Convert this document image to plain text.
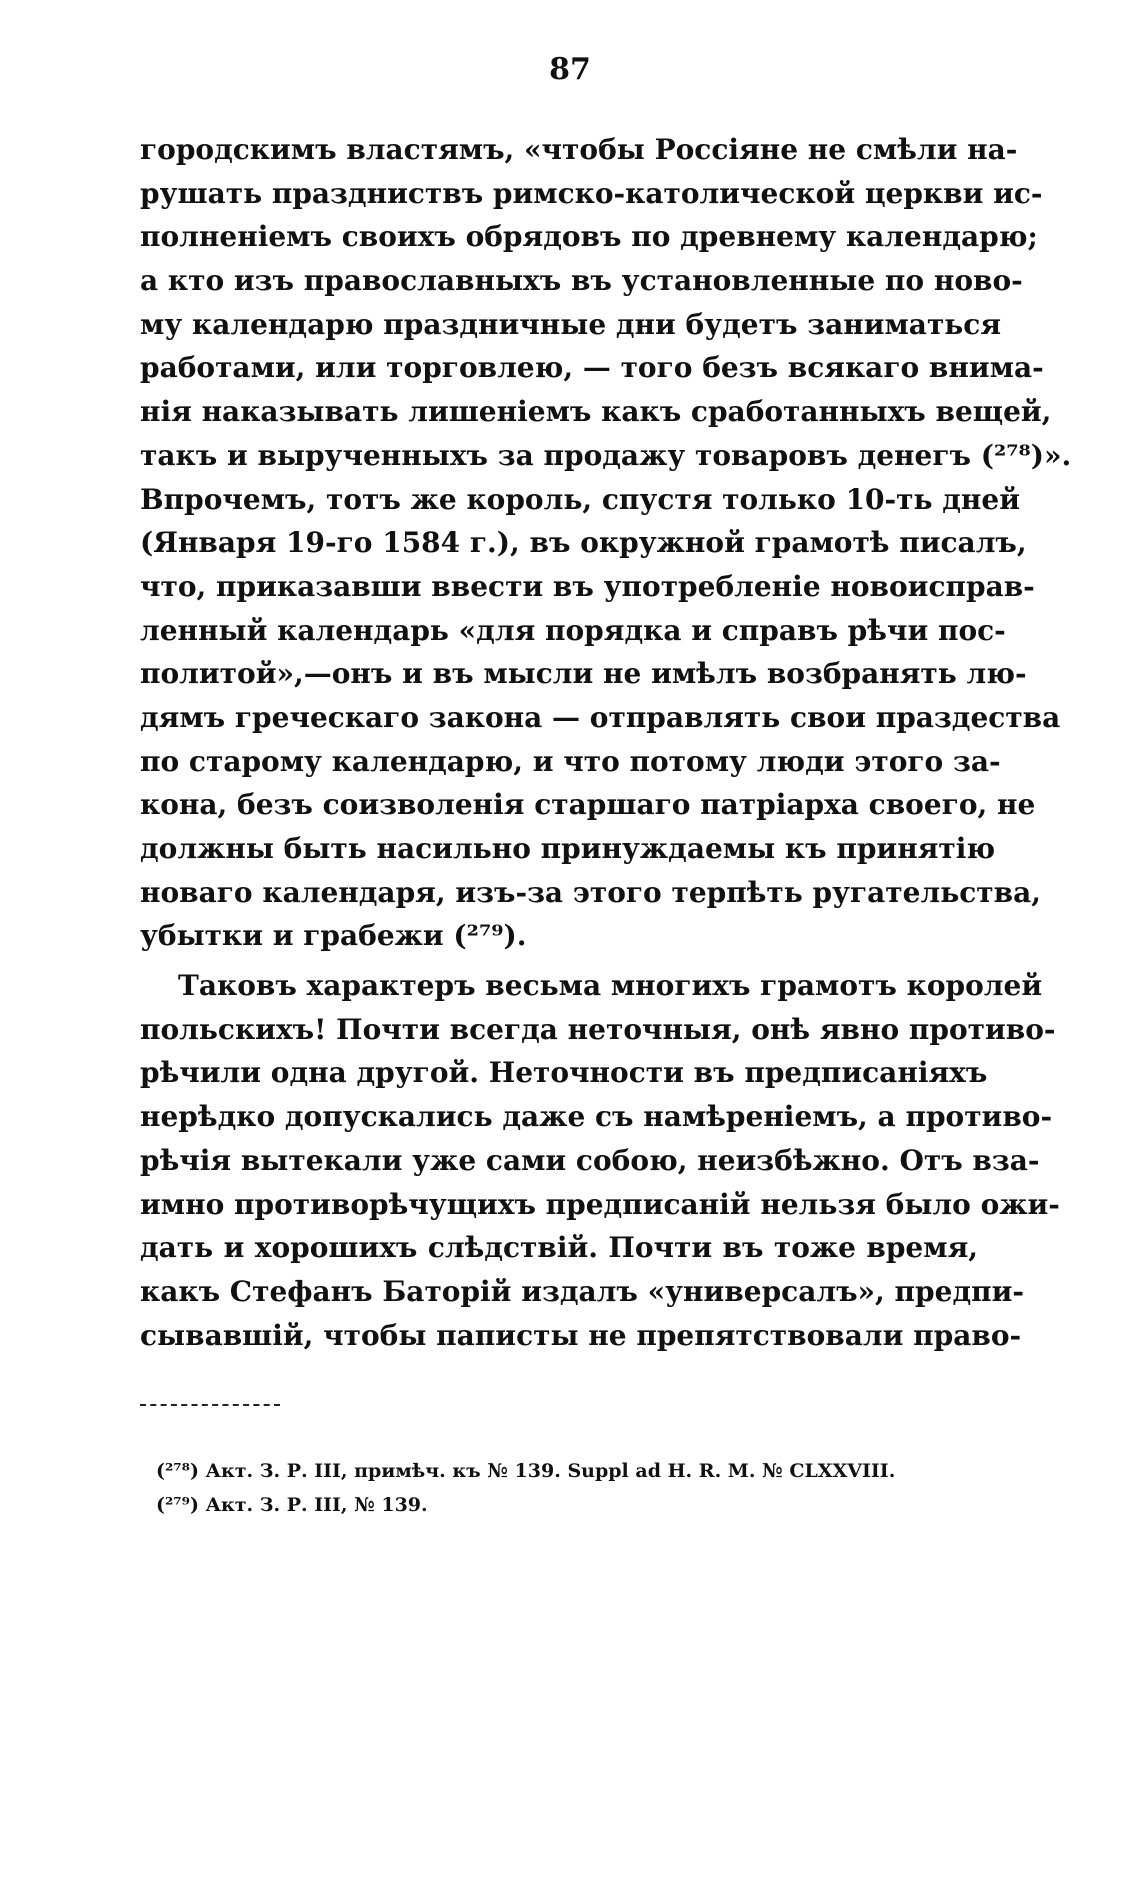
87
городскимъ властямъ, «чтобы Россіяне не смѣли на-
рушать праздниствъ римско-католической церкви ис-
полненіемъ своихъ обрядовъ по древнему календарю;
а кто изъ православныхъ въ установленные по ново-
му календарю праздничные дни будетъ заниматься
работами, или торговлею, — того безъ всякаго внима-
нія наказывать лишеніемъ какъ сработанныхъ вещей,
такъ и вырученныхъ за продажу товаровъ денегъ (²⁷⁸)».
Впрочемъ, тотъ же король, спустя только 10-ть дней
(Января 19-го 1584 г.), въ окружной грамотѣ писалъ,
что, приказавши ввести въ употребленіе новоисправ-
ленный календарь «для порядка и справъ рѣчи пос-
политой»,—онъ и въ мысли не имѣлъ возбранять лю-
дямъ греческаго закона — отправлять свои праздества
по старому календарю, и что потому люди этого за-
кона, безъ соизволенія старшаго патріарха своего, не
должны быть насильно принуждаемы къ принятію
новаго календаря, изъ-за этого терпѣть ругательства,
убытки и грабежи (²⁷⁹).
Таковъ характеръ весьма многихъ грамотъ королей
польскихъ! Почти всегда неточныя, онѣ явно противо-
рѣчили одна другой. Неточности въ предписаніяхъ
нерѣдко допускались даже съ намѣреніемъ, а противо-
рѣчія вытекали уже сами собою, неизбѣжно. Отъ вза-
имно противорѣчущихъ предписаній нельзя было ожи-
дать и хорошихъ слѣдствій. Почти въ тоже время,
какъ Стефанъ Баторій издалъ «универсалъ», предпи-
сывавшій, чтобы паписты не препятствовали право-
(²⁷⁸) Акт. З. Р. III, примѣч. къ № 139. Suppl ad H. R. M. № CLXXVIII.
(²⁷⁹) Акт. З. Р. III, № 139.
